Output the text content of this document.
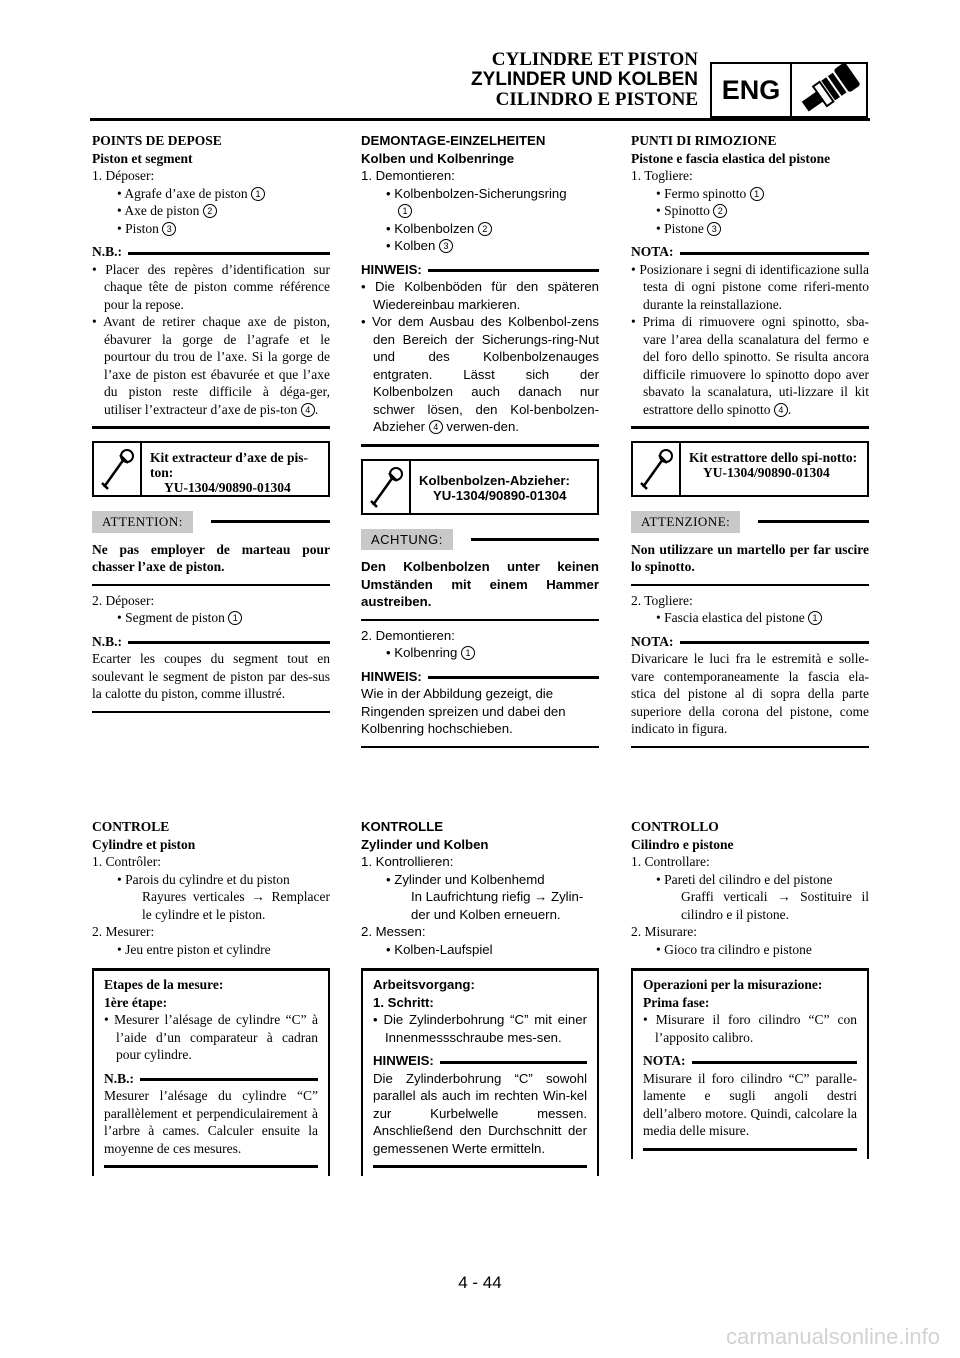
CYLINDRE ET PISTON
ZYLINDER UND KOLBEN
CILINDRO E PISTONE ENG

POINTS DE DEPOSE

Piston et segment

1. Déposer:

• Agrafe d’axe de piston 1

• Axe de piston 2

• Piston 3

N.B.:

• Placer des repères d’identification sur chaque tête de piston comme référence pour la repose.

• Avant de retirer chaque axe de piston, ébavurer la gorge de l’agrafe et le pourtour du trou de l’axe. Si la gorge de l’axe de piston est ébavurée et que l’axe du piston reste difficile à déga-ger, utiliser l’extracteur d’axe de pis-ton 4 .

Kit extracteur d’axe de pis-ton:
YU-1304/90890-01304
ATTENTION:

Ne pas employer de marteau pour chasser l’axe de piston.

2. Déposer:

• Segment de piston 1

N.B.:

Ecarter les coupes du segment tout en soulevant le segment de piston par des-sus la calotte du piston, comme illustré.

DEMONTAGE-EINZELHEITEN

Kolben und Kolbenringe

1. Demontieren:

• Kolbenbolzen-Sicherungsring

1

• Kolbenbolzen 2

• Kolben 3

HINWEIS:

• Die Kolbenböden für den späteren Wiedereinbau markieren.

• Vor dem Ausbau des Kolbenbol-zens den Bereich der Sicherungs-ring-Nut und des Kolbenbolzenauges entgraten. Lässt sich der Kolbenbolzen auch danach nur schwer lösen, den Kol-benbolzen-Abzieher 4 verwen-den.

Kolbenbolzen-Abzieher:
YU-1304/90890-01304
ACHTUNG:

Den Kolbenbolzen unter keinen Umständen mit einem Hammer austreiben.

2. Demontieren:

• Kolbenring 1

HINWEIS:

Wie in der Abbildung gezeigt, die Ringenden spreizen und dabei den Kolbenring hochschieben.

PUNTI DI RIMOZIONE

Pistone e fascia elastica del pistone

1. Togliere:

• Fermo spinotto 1

• Spinotto 2

• Pistone 3

NOTA:

• Posizionare i segni di identificazione sulla testa di ogni pistone come riferi-mento durante la reinstallazione.

• Prima di rimuovere ogni spinotto, sba-vare l’area della scanalatura del fermo e del foro dello spinotto. Se risulta ancora difficile rimuovere lo spinotto dopo aver sbavato la scanalatura, uti-lizzare il kit estrattore dello spinotto 4 .

Kit estrattore dello spi-notto:
YU-1304/90890-01304
ATTENZIONE:

Non utilizzare un martello per far uscire lo spinotto.

2. Togliere:

• Fascia elastica del pistone 1

NOTA:

Divaricare le luci fra le estremità e solle-vare contemporaneamente la fascia ela-stica del pistone al di sopra della parte superiore della corona del pistone, come indicato in figura.

CONTROLE

Cylindre et piston

1. Contrôler:

• Parois du cylindre et du piston

Rayures verticales → Remplacer le cylindre et le piston.

2. Mesurer:

• Jeu entre piston et cylindre

Etapes de la mesure:

1ère étape:

• Mesurer l’alésage de cylindre “C” à l’aide d’un comparateur à cadran pour cylindre.

N.B.:

Mesurer l’alésage du cylindre “C” parallèlement et perpendiculairement à l’arbre à cames. Calculer ensuite la moyenne de ces mesures.

KONTROLLE

Zylinder und Kolben

1. Kontrollieren:

• Zylinder und Kolbenhemd

In Laufrichtung riefig → Zylin-der und Kolben erneuern.

2. Messen:

• Kolben-Laufspiel

Arbeitsvorgang:

1. Schritt:

• Die Zylinderbohrung “C” mit einer Innenmessschraube mes-sen.

HINWEIS:

Die Zylinderbohrung “C” sowohl parallel als auch im rechten Win-kel zur Kurbelwelle messen. Anschließend den Durchschnitt der gemessenen Werte ermitteln.

CONTROLLO

Cilindro e pistone

1. Controllare:

• Pareti del cilindro e del pistone

Graffi verticali → Sostituire il cilindro e il pistone.

2. Misurare:

• Gioco tra cilindro e pistone

Operazioni per la misurazione:

Prima fase:

• Misurare il foro cilindro “C” con l’apposito calibro.

NOTA:

Misurare il foro cilindro “C” paralle-lamente e sugli angoli destri dell’albero motore. Quindi, calcolare la media delle misure.

4 - 44
carmanualsonline.info
